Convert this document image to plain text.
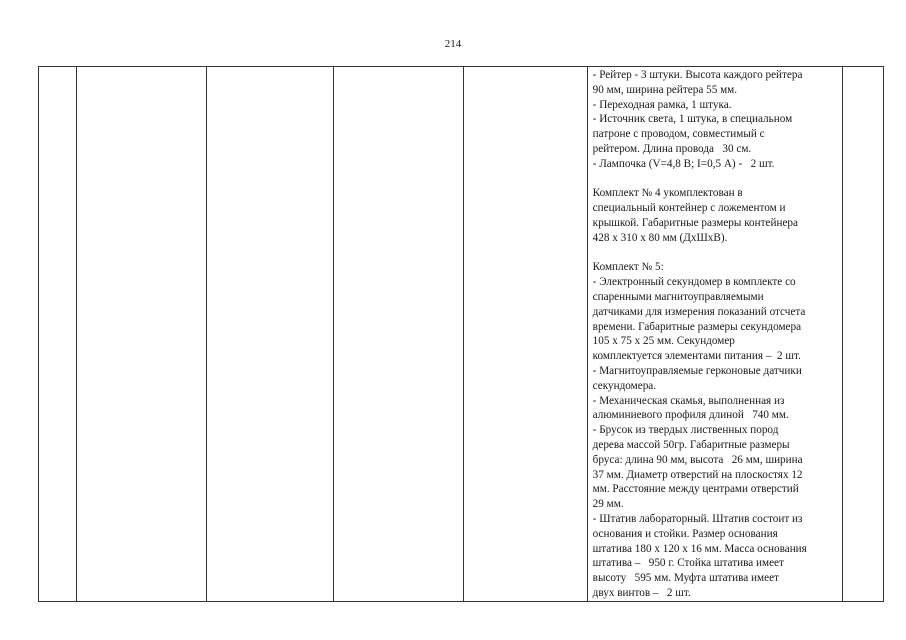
214
- Рейтер - 3 штуки. Высота каждого рейтера
90 мм, ширина рейтера 55 мм.
- Переходная рамка, 1 штука.
- Источник света, 1 штука, в специальном
патроне с проводом, совместимый с
рейтером. Длина провода   30 см.
- Лампочка (V=4,8 В; I=0,5 А) -   2 шт.
Комплект № 4 укомплектован в
специальный контейнер с ложементом и
крышкой. Габаритные размеры контейнера
428 х 310 х 80 мм (ДхШхВ).
Комплект № 5:
- Электронный секундомер в комплекте со
спаренными магнитоуправляемыми
датчиками для измерения показаний отсчета
времени. Габаритные размеры секундомера
105 х 75 х 25 мм. Секундомер
комплектуется элементами питания –  2 шт.
- Магнитоуправляемые герконовые датчики
секундомера.
- Механическая скамья, выполненная из
алюминиевого профиля длиной   740 мм.
- Брусок из твердых лиственных пород
дерева массой 50гр. Габаритные размеры
бруса: длина 90 мм, высота   26 мм, ширина
37 мм. Диаметр отверстий на плоскостях 12
мм. Расстояние между центрами отверстий
29 мм.
- Штатив лабораторный. Штатив состоит из
основания и стойки. Размер основания
штатива 180 х 120 х 16 мм. Масса основания
штатива –   950 г. Стойка штатива имеет
высоту   595 мм. Муфта штатива имеет
двух винтов –   2 шт.
